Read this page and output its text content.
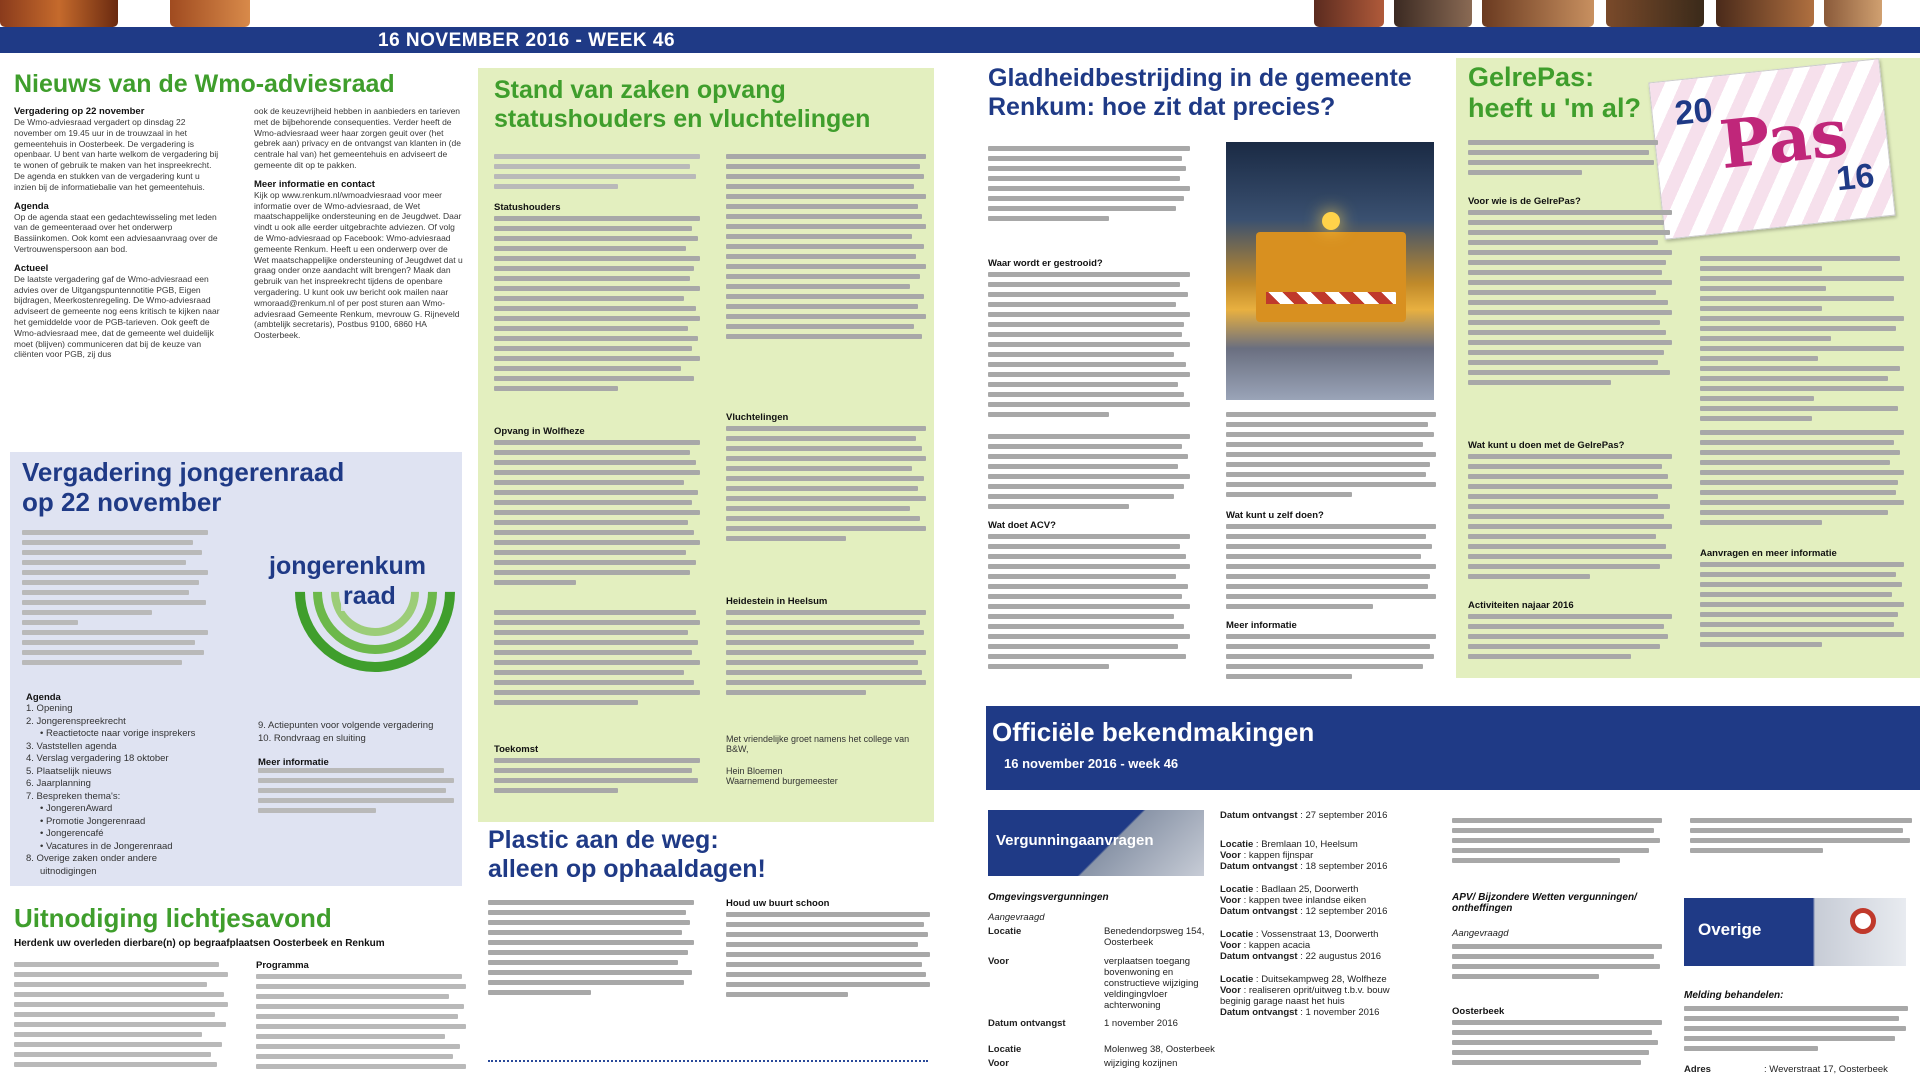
16 NOVEMBER 2016 - WEEK 46
Nieuws van de Wmo-adviesraad
Vergadering op 22 november
De Wmo-adviesraad vergadert op dinsdag 22 november om 19.45 uur in de trouwzaal in het gemeentehuis in Oosterbeek. De vergadering is openbaar. U bent van harte welkom de vergadering bij te wonen of gebruik te maken van het inspreekrecht. De agenda en stukken van de vergadering kunt u inzien bij de informatiebalie van het gemeentehuis.
Agenda
Op de agenda staat een gedachtewisseling met leden van de gemeenteraad over het onderwerp Bassiinkomen. Ook komt een adviesaanvraag over de Vertrouwenspersoon aan bod.
Actueel
De laatste vergadering gaf de Wmo-adviesraad een advies over de Uitgangspuntennotitie PGB, Eigen bijdragen, Meerkostenregeling. De Wmo-adviesraad adviseert de gemeente nog eens kritisch te kijken naar het gemiddelde voor de PGB-tarieven. Ook geeft de Wmo-adviesraad mee, dat de gemeente wel duidelijk moet (blijven) communiceren dat bij de keuze van cliënten voor PGB, zij dus
ook de keuzevrijheid hebben in aanbieders en tarieven met de bijbehorende consequenties. Verder heeft de Wmo-adviesraad weer haar zorgen geuit over (het gebrek aan) privacy en de ontvangst van klanten in (de centrale hal van) het gemeentehuis en adviseert de gemeente dit op te pakken.
Meer informatie en contact
Kijk op www.renkum.nl/wmoadviesraad voor meer informatie over de Wmo-adviesraad, de Wet maatschappelijke ondersteuning en de Jeugdwet. Daar vindt u ook alle eerder uitgebrachte adviezen. Of volg de Wmo-adviesraad op Facebook: Wmo-adviesraad gemeente Renkum. Heeft u een onderwerp over de Wet maatschappelijke ondersteuning of Jeugdwet dat u graag onder onze aandacht wilt brengen? Maak dan gebruik van het inspreekrecht tijdens de openbare vergadering. U kunt ook uw bericht ook mailen naar wmoraad@renkum.nl of per post sturen aan Wmo-adviesraad Gemeente Renkum, mevrouw G. Rijneveld (ambtelijk secretaris), Postbus 9100, 6860 HA Oosterbeek.
Vergadering jongerenraad
op 22 november
jongerenkum
raad
Agenda
1. Opening
2. Jongerenspreekrecht
• Reactietocte naar vorige insprekers
3. Vaststellen agenda
4. Verslag vergadering 18 oktober
5. Plaatselijk nieuws
6. Jaarplanning
7. Bespreken thema's:
• JongerenAward
• Promotie Jongerenraad
• Jongerencafé
• Vacatures in de Jongerenraad
8. Overige zaken onder andere
uitnodigingen
9. Actiepunten voor volgende vergadering
10. Rondvraag en sluiting
Meer informatie
Uitnodiging lichtjesavond
Herdenk uw overleden dierbare(n) op begraafplaatsen Oosterbeek en Renkum
Programma
Stand van zaken opvang
statushouders en vluchtelingen
Statushouders
Opvang in Wolfheze
Toekomst
Vluchtelingen
Heidestein in Heelsum
Met vriendelijke groet namens het college van B&W,
Hein Bloemen
Waarnemend burgemeester
Plastic aan de weg:
alleen op ophaaldagen!
Houd uw buurt schoon
Gladheidbestrijding in de gemeente
Renkum: hoe zit dat precies?
Waar wordt er gestrooid?
Wat doet ACV?
Wat kunt u zelf doen?
Meer informatie
GelrePas:
heeft u 'm al? 20 Pas
16
Voor wie is de GelrePas?
Wat kunt u doen met de GelrePas?
Activiteiten najaar 2016
Aanvragen en meer informatie
Officiële bekendmakingen
16 november 2016 - week 46
Vergunningaanvragen
Omgevingsvergunningen
Aangevraagd
Locatie	Benedendorpsweg 154, Oosterbeek
Voor	verplaatsen toegang bovenwoning en constructieve wijziging veldingingvloer achterwoning
Datum ontvangst	1 november 2016
Locatie	Molenweg 38, Oosterbeek
Voor	wijziging kozijnen
Datum ontvangst : 27 september 2016
Locatie : Bremlaan 10, Heelsum
Voor : kappen fijnspar
Datum ontvangst : 18 september 2016
Locatie : Badlaan 25, Doorwerth
Voor : kappen twee inlandse eiken
Datum ontvangst : 12 september 2016
Locatie : Vossenstraat 13, Doorwerth
Voor : kappen acacia
Datum ontvangst : 22 augustus 2016
Locatie : Duitsekampweg 28, Wolfheze
Voor : realiseren oprit/uitweg t.b.v. bouw beginig garage naast het huis
Datum ontvangst : 1 november 2016
APV/ Bijzondere Wetten vergunningen/ ontheffingen
Aangevraagd
Oosterbeek
Overige
Melding behandelen:
Adres	: Weverstraat 17, Oosterbeek
